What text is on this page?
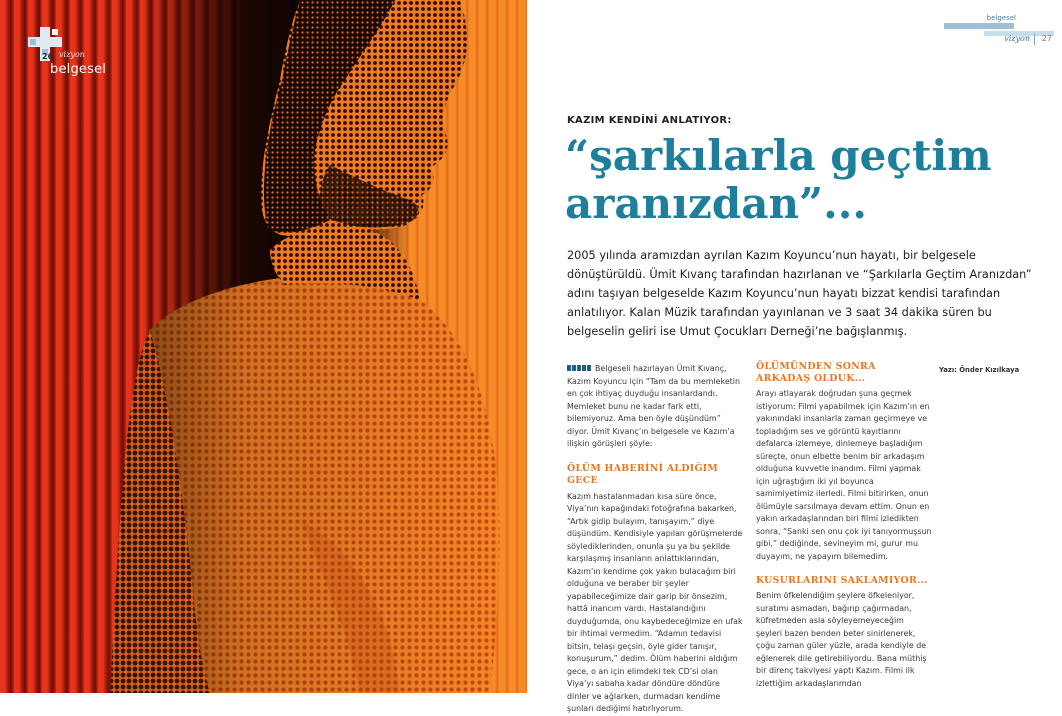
26 vizyon
belgesel
belgesel
vizyon 27
KAZIM KENDİNİ ANLATIYOR:
“şarkılarla geçtim aranızdan”...

2005 yılında aramızdan ayrılan Kazım Koyuncu’nun hayatı, bir belgesele dönüştürüldü. Ümit Kıvanç tarafından hazırlanan ve “Şarkılarla Geçtim Aranızdan” adını taşıyan belgeselde Kazım Koyuncu’nun hayatı bizzat kendisi tarafından anlatılıyor. Kalan Müzik tarafından yayınlanan ve 3 saat 34 dakika süren bu belgeselin geliri ise Umut Çocukları Derneği’ne bağışlanmış.

Belgeseli hazırlayan Ümit Kıvanç, Kazım Koyuncu için “Tam da bu memleketin en çok ihtiyaç duyduğu insanlardandı. Memleket bunu ne kadar fark etti, bilemiyoruz. Ama ben öyle düşündüm” diyor. Ümit Kıvanç’ın belgesele ve Kazım’a ilişkin görüşleri şöyle:

ÖLÜM HABERİNİ ALDIĞIM GECE

Kazım hastalanmadan kısa süre önce, Viya’nın kapağındaki fotoğrafına bakarken, “Artık gidip bulayım, tanışayım,” diye düşündüm. Kendisiyle yapılan görüşmelerde söylediklerinden, onunla şu ya bu şekilde karşılaşmış insanların anlattıklarından, Kazım’ın kendime çok yakın bulacağım biri olduğuna ve beraber bir şeyler yapabileceğimize dair garip bir önsezim, hattâ inancım vardı. Hastalandığını duyduğumda, onu kaybedeceğimize en ufak bir ihtimal vermedim. “Adamın tedavisi bitsin, telaşı geçsin, öyle gider tanışır, konuşurum,” dedim. Ölüm haberini aldığım gece, o an için elimdeki tek CD’si olan Viya’yı sabaha kadar döndüre döndüre dinler ve ağlarken, durmadan kendime şunları dediğimi hatırlıyorum.

ÖLÜMÜNDEN SONRA ARKADAŞ OLDUK...

Arayı atlayarak doğrudan şuna geçmek istiyorum: Filmi yapabilmek için Kazım’ın en yakınındaki insanlarla zaman geçirmeye ve topladığım ses ve görüntü kayıtlarını defalarca izlemeye, dinlemeye başladığım süreçte, onun elbette benim bir arkadaşım olduğuna kuvvetle inandım. Filmi yapmak için uğraştığım iki yıl boyunca samimiyetimiz ilerledi. Filmi bitirirken, onun ölümüyle sarsılmaya devam ettim. Onun en yakın arkadaşlarından biri filmi izledikten sonra, “Sanki sen onu çok iyi tanıyormuşsun gibi,” dediğinde, sevineyim mi, gurur mu duyayım, ne yapayım bilemedim.

KUSURLARINI SAKLAMIYOR...

Benim öfkelendiğim şeylere öfkeleniyor, suratımı asmadan, bağırıp çağırmadan, küfretmeden asla söyleyemeyeceğim şeyleri bazen benden beter sinirlenerek, çoğu zaman güler yüzle, arada kendiyle de eğlenerek dile getirebiliyordu. Bana müthiş bir direnç takviyesi yaptı Kazım. Filmi ilk izlettiğim arkadaşlarımdan

Yazı: Önder Kızılkaya
